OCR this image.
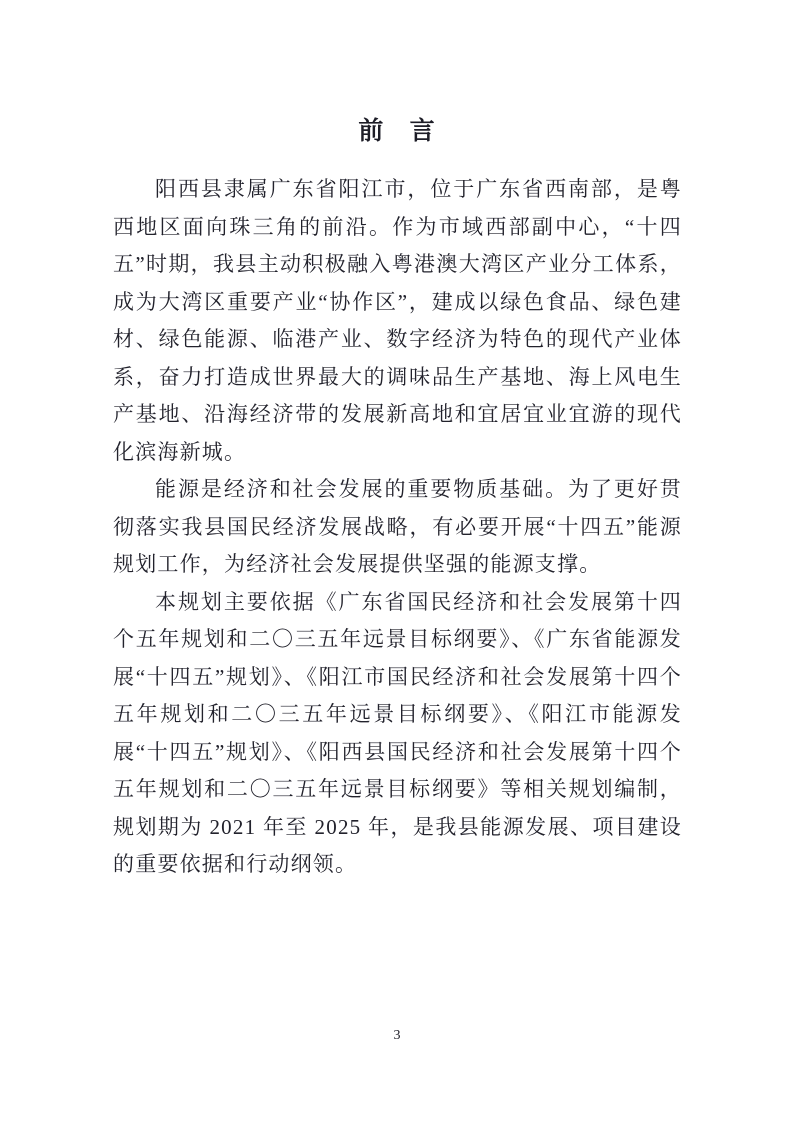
前 言

阳西县隶属广东省阳江市，位于广东省西南部，是粤西地区面向珠三角的前沿。作为市域西部副中心，“十四五”时期，我县主动积极融入粤港澳大湾区产业分工体系，成为大湾区重要产业“协作区”，建成以绿色食品、绿色建材、绿色能源、临港产业、数字经济为特色的现代产业体系，奋力打造成世界最大的调味品生产基地、海上风电生产基地、沿海经济带的发展新高地和宜居宜业宜游的现代化滨海新城。

能源是经济和社会发展的重要物质基础。为了更好贯彻落实我县国民经济发展战略，有必要开展“十四五”能源规划工作，为经济社会发展提供坚强的能源支撑。

本规划主要依据《广东省国民经济和社会发展第十四个五年规划和二〇三五年远景目标纲要》、《广东省能源发展“十四五”规划》、《阳江市国民经济和社会发展第十四个五年规划和二〇三五年远景目标纲要》、《阳江市能源发展“十四五”规划》、《阳西县国民经济和社会发展第十四个五年规划和二〇三五年远景目标纲要》等相关规划编制，规划期为 2021 年至 2025 年，是我县能源发展、项目建设的重要依据和行动纲领。

3
